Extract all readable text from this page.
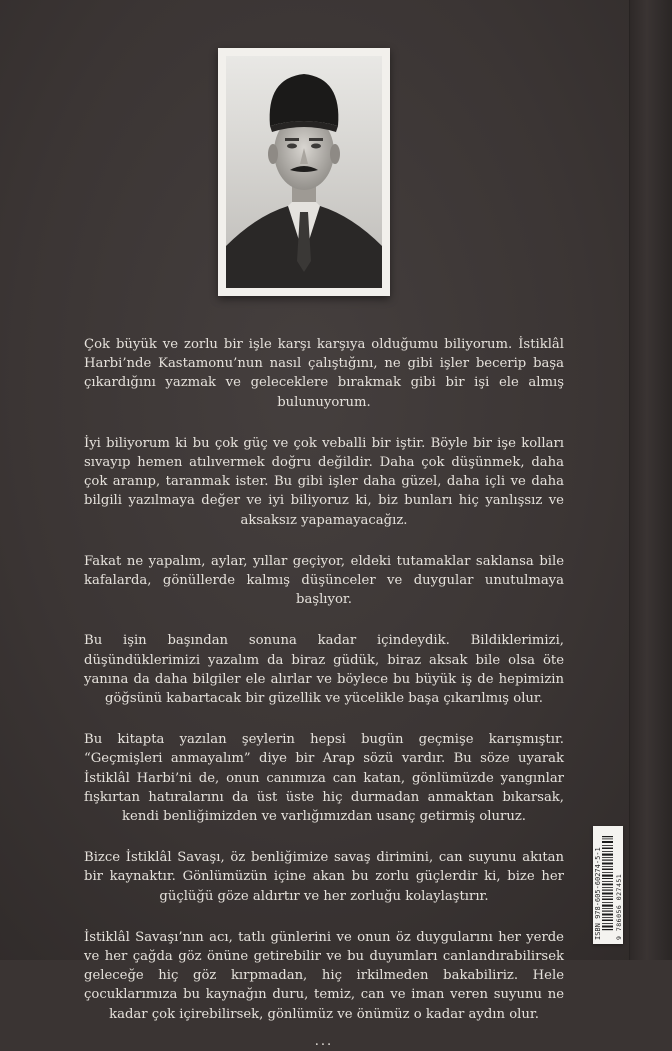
Çok büyük ve zorlu bir işle karşı karşıya olduğumu biliyorum. İstiklâl Harbi’nde Kastamonu’nun nasıl çalıştığını, ne gibi işler becerip başa çıkardığını yazmak ve geleceklere bırakmak gibi bir işi ele almış bulunuyorum.

İyi biliyorum ki bu çok güç ve çok veballi bir iştir. Böyle bir işe kolları sıvayıp hemen atılıvermek doğru değildir. Daha çok düşünmek, daha çok aranıp, taranmak ister. Bu gibi işler daha güzel, daha içli ve daha bilgili yazılmaya değer ve iyi biliyoruz ki, biz bunları hiç yanlışsız ve aksaksız yapamayacağız.

Fakat ne yapalım, aylar, yıllar geçiyor, eldeki tutamaklar saklansa bile kafalarda, gönüllerde kalmış düşünceler ve duygular unutulmaya başlıyor.

Bu işin başından sonuna kadar içindeydik. Bildiklerimizi, düşündüklerimizi yazalım da biraz güdük, biraz aksak bile olsa öte yanına da daha bilgiler ele alırlar ve böylece bu büyük iş de hepimizin göğsünü kabartacak bir güzellik ve yücelikle başa çıkarılmış olur.

Bu kitapta yazılan şeylerin hepsi bugün geçmişe karışmıştır. “Geçmişleri anmayalım” diye bir Arap sözü vardır. Bu söze uyarak İstiklâl Harbi’ni de, onun canımıza can katan, gönlümüzde yangınlar fışkırtan hatıralarını da üst üste hiç durmadan anmaktan bıkarsak, kendi benliğimizden ve varlığımızdan usanç getirmiş oluruz.

Bizce İstiklâl Savaşı, öz benliğimize savaş dirimini, can suyunu akıtan bir kaynaktır. Gönlümüzün içine akan bu zorlu güçlerdir ki, bize her güçlüğü göze aldırtır ve her zorluğu kolaylaştırır.

İstiklâl Savaşı’nın acı, tatlı günlerini ve onun öz duygularını her yerde ve her çağda göz önüne getirebilir ve bu duyumları canlandırabilirsek geleceğe hiç göz kırpmadan, hiç irkilmeden bakabiliriz. Hele çocuklarımıza bu kaynağın duru, temiz, can ve iman veren suyunu ne kadar çok içirebilirsek, gönlümüz ve önümüz o kadar aydın olur.

...
ISBN 978-605-60274-5-1 9 786056 027451
